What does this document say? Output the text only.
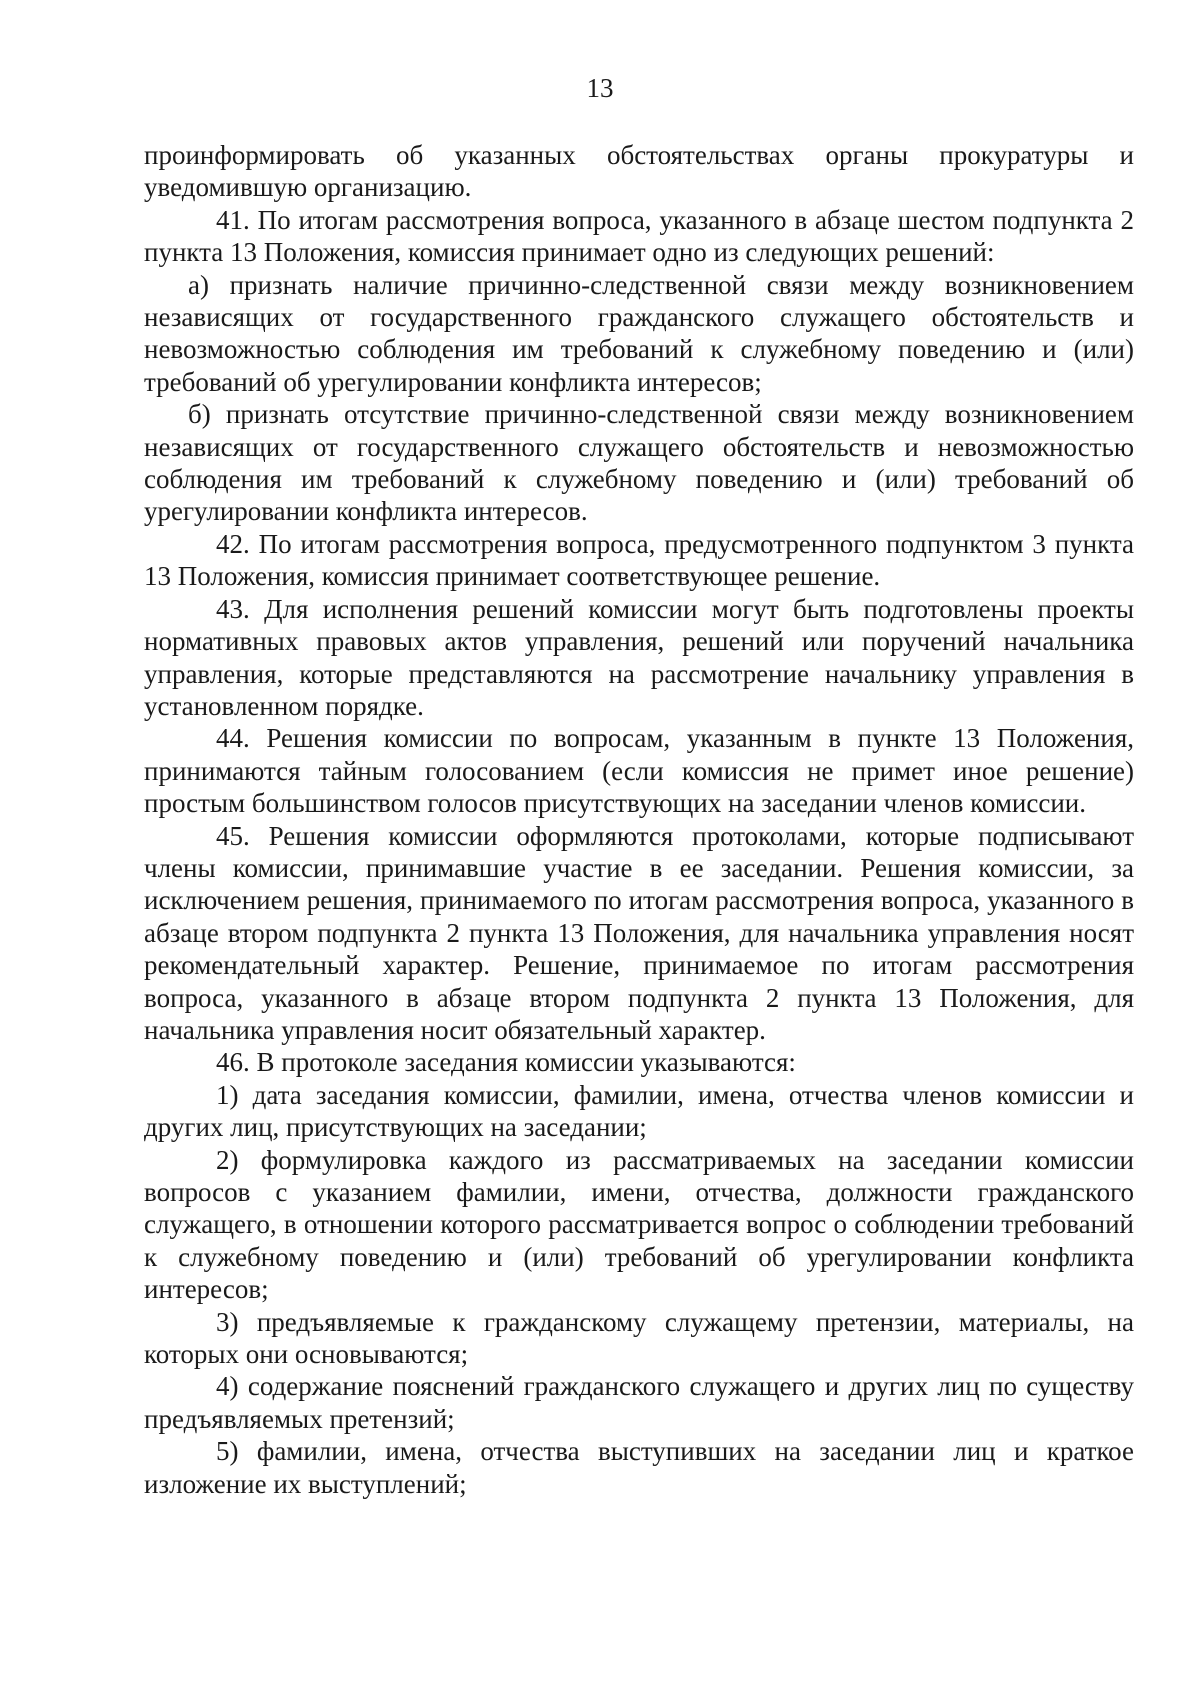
13

проинформировать об указанных обстоятельствах органы прокуратуры и уведомившую организацию.

41. По итогам рассмотрения вопроса, указанного в абзаце шестом подпункта 2 пункта 13 Положения, комиссия принимает одно из следующих решений:

а) признать наличие причинно-следственной связи между возникновением независящих от государственного гражданского служащего обстоятельств и невозможностью соблюдения им требований к служебному поведению и (или) требований об урегулировании конфликта интересов;

б) признать отсутствие причинно-следственной связи между возникновением независящих от государственного служащего обстоятельств и невозможностью соблюдения им требований к служебному поведению и (или) требований об урегулировании конфликта интересов.

42. По итогам рассмотрения вопроса, предусмотренного подпунктом 3 пункта 13 Положения, комиссия принимает соответствующее решение.

43. Для исполнения решений комиссии могут быть подготовлены проекты нормативных правовых актов управления, решений или поручений начальника управления, которые представляются на рассмотрение начальнику управления в установленном порядке.

44. Решения комиссии по вопросам, указанным в пункте 13 Положения, принимаются тайным голосованием (если комиссия не примет иное решение) простым большинством голосов присутствующих на заседании членов комиссии.

45. Решения комиссии оформляются протоколами, которые подписывают члены комиссии, принимавшие участие в ее заседании. Решения комиссии, за исключением решения, принимаемого по итогам рассмотрения вопроса, указанного в абзаце втором подпункта 2 пункта 13 Положения, для начальника управления носят рекомендательный характер. Решение, принимаемое по итогам рассмотрения вопроса, указанного в абзаце втором подпункта 2 пункта 13 Положения, для начальника управления носит обязательный характер.

46. В протоколе заседания комиссии указываются:

1) дата заседания комиссии, фамилии, имена, отчества членов комиссии и других лиц, присутствующих на заседании;

2) формулировка каждого из рассматриваемых на заседании комиссии вопросов с указанием фамилии, имени, отчества, должности гражданского служащего, в отношении которого рассматривается вопрос о соблюдении требований к служебному поведению и (или) требований об урегулировании конфликта интересов;

3) предъявляемые к гражданскому служащему претензии, материалы, на которых они основываются;

4) содержание пояснений гражданского служащего и других лиц по существу предъявляемых претензий;

5) фамилии, имена, отчества выступивших на заседании лиц и краткое изложение их выступлений;
